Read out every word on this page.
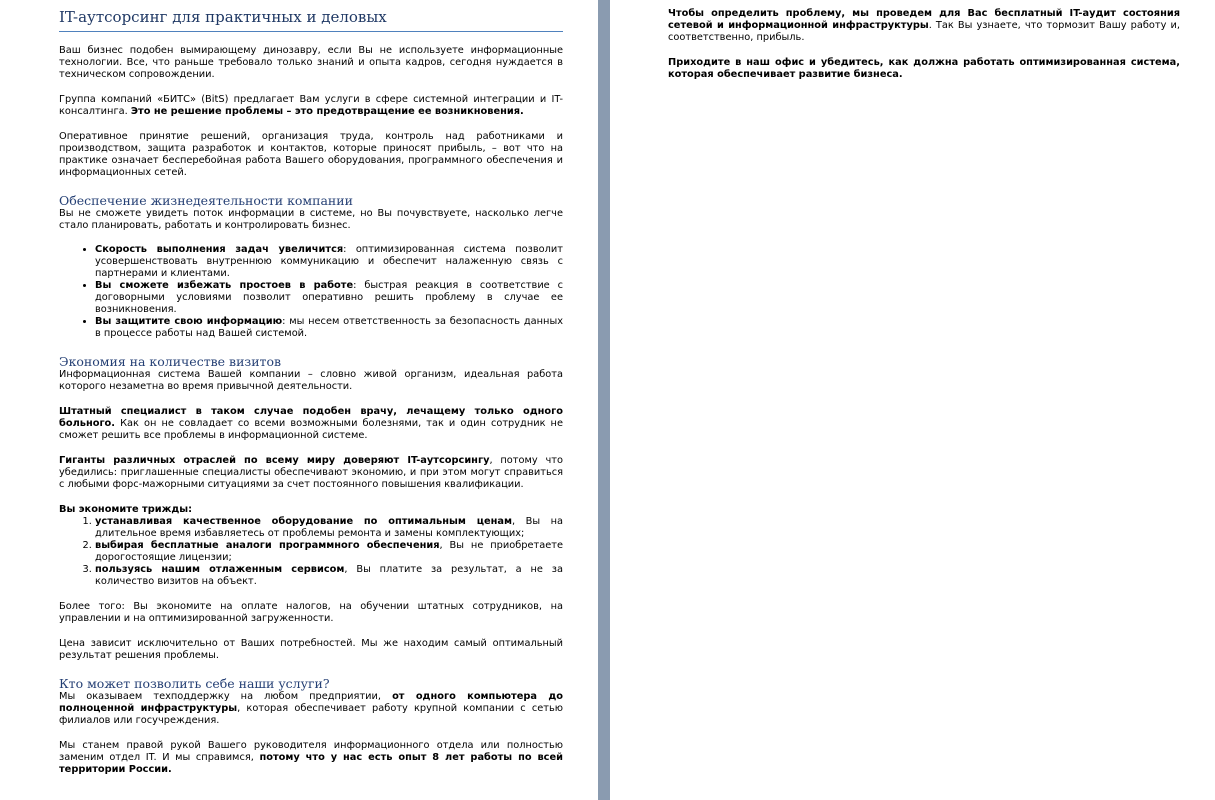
IT-аутсорсинг для практичных и деловых

Ваш бизнес подобен вымирающему динозавру, если Вы не используете информационные технологии. Все, что раньше требовало только знаний и опыта кадров, сегодня нуждается в техническом сопровождении.

Группа компаний «БИТС» (BitS) предлагает Вам услуги в сфере системной интеграции и IT-консалтинга. Это не решение проблемы – это предотвращение ее возникновения.

Оперативное принятие решений, организация труда, контроль над работниками и производством, защита разработок и контактов, которые приносят прибыль, – вот что на практике означает бесперебойная работа Вашего оборудования, программного обеспечения и информационных сетей.

Обеспечение жизнедеятельности компании

Вы не сможете увидеть поток информации в системе, но Вы почувствуете, насколько легче стало планировать, работать и контролировать бизнес.

• Скорость выполнения задач увеличится: оптимизированная система позволит усовершенствовать внутреннюю коммуникацию и обеспечит налаженную связь с партнерами и клиентами.
• Вы сможете избежать простоев в работе: быстрая реакция в соответствие с договорными условиями позволит оперативно решить проблему в случае ее возникновения.
• Вы защитите свою информацию: мы несем ответственность за безопасность данных в процессе работы над Вашей системой.
Экономия на количестве визитов

Информационная система Вашей компании – словно живой организм, идеальная работа которого незаметна во время привычной деятельности.

Штатный специалист в таком случае подобен врачу, лечащему только одного больного. Как он не совладает со всеми возможными болезнями, так и один сотрудник не сможет решить все проблемы в информационной системе.

Гиганты различных отраслей по всему миру доверяют IT-аутсорсингу, потому что убедились: приглашенные специалисты обеспечивают экономию, и при этом могут справиться с любыми форс-мажорными ситуациями за счет постоянного повышения квалификации.

Вы экономите трижды:

1. устанавливая качественное оборудование по оптимальным ценам, Вы на длительное время избавляетесь от проблемы ремонта и замены комплектующих;
2. выбирая бесплатные аналоги программного обеспечения, Вы не приобретаете дорогостоящие лицензии;
3. пользуясь нашим отлаженным сервисом, Вы платите за результат, а не за количество визитов на объект.

Более того: Вы экономите на оплате налогов, на обучении штатных сотрудников, на управлении и на оптимизированной загруженности.

Цена зависит исключительно от Ваших потребностей. Мы же находим самый оптимальный результат решения проблемы.

Кто может позволить себе наши услуги?

Мы оказываем техподдержку на любом предприятии, от одного компьютера до полноценной инфраструктуры, которая обеспечивает работу крупной компании с сетью филиалов или госучреждения.

Мы станем правой рукой Вашего руководителя информационного отдела или полностью заменим отдел IT. И мы справимся, потому что у нас есть опыт 8 лет работы по всей территории России.

Чтобы определить проблему, мы проведем для Вас бесплатный IT-аудит состояния сетевой и информационной инфраструктуры. Так Вы узнаете, что тормозит Вашу работу и, соответственно, прибыль.

Приходите в наш офис и убедитесь, как должна работать оптимизированная система, которая обеспечивает развитие бизнеса.
